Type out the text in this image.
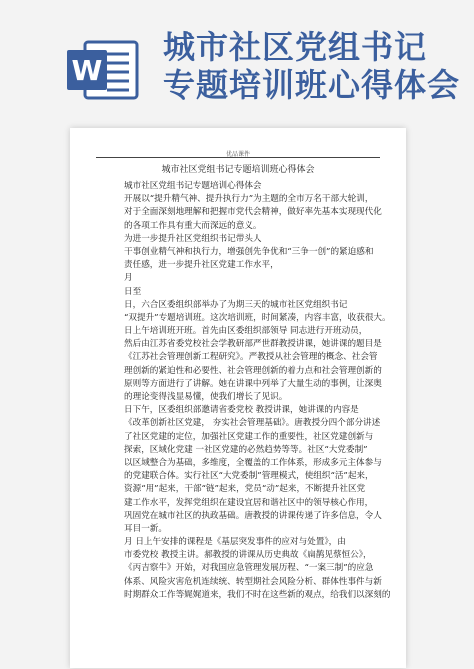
W
城市社区党组书记
专题培训班心得体会
优品课件
城市社区党组书记专题培训班心得体会
城市社区党组书记专题培训心得体会
开展以“提升精气神、提升执行力”为主题的全市万名干部大轮训，
对于全面深刻地理解和把握市党代会精神，做好率先基本实现现代化
的各项工作具有重大而深远的意义。
为进一步提升社区党组织书记带头人
干事创业精气神和执行力，增强创先争优和“三争一创”的紧迫感和
责任感，进一步提升社区党建工作水平，
月
日至
日，六合区委组织部举办了为期三天的城市社区党组织书记
“双提升”专题培训班。这次培训班，时间紧凑，内容丰富，收获很大。
日上午培训班开班。首先由区委组织部领导 同志进行开班动员，
然后由江苏省委党校社会学教研部严世群教授讲课，她讲课的题目是
《江苏社会管理创新工程研究》。严教授从社会管理的概念、社会管
理创新的紧迫性和必要性、社会管理创新的着力点和社会管理创新的
原则等方面进行了讲解。她在讲课中列举了大量生动的事例，让深奥
的理论变得浅显易懂，使我们增长了见识。
日下午，区委组织部邀请省委党校 教授讲课，她讲课的内容是
《改革创新社区党建， 夯实社会管理基础》。唐教授分四个部分讲述
了社区党建的定位，加强社区党建工作的重要性，社区党建创新与
探索，区域化党建 一社区党建的必然趋势等等。社区“大党委制”
以区域整合为基础，多维度，全覆盖的工作体系，形成多元主体参与
的党建联合体。实行社区“大党委制”管理模式，使组织“活”起来，
资源“用”起来，干部“链”起来，党员“动”起来，不断提升社区党
建工作水平，发挥党组织在建设宜居和谐社区中的领导核心作用，
巩固党在城市社区的执政基础。唐教授的讲课传递了许多信息，令人
耳目一新。
月 日上午安排的课程是《基层突发事件的应对与处置》，由
市委党校 教授主讲。郝教授的讲课从历史典故《扁鹊见蔡恒公》，
《丙吉察牛》开始，对我国应急管理发展历程、“一案三制”的应急
体系、风险灾害危机连续统、转型期社会风险分析、群体性事件与新
时期群众工作等娓娓道来，我们不时在这些新的观点，给我们以深刻的
